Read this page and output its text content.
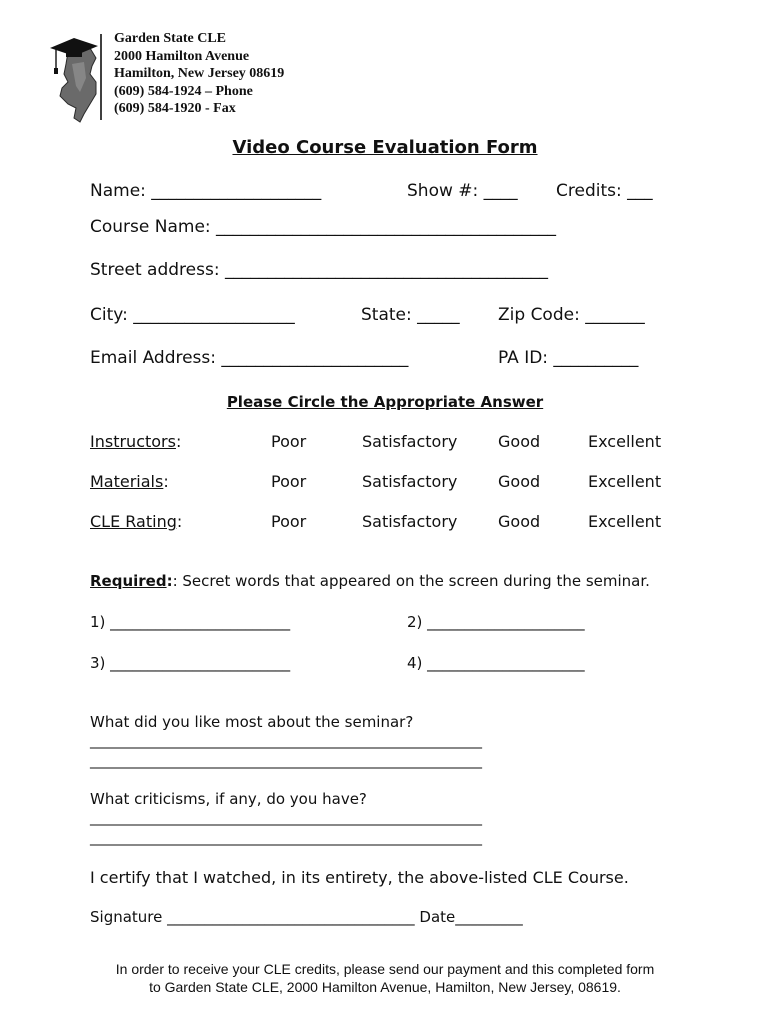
Garden State CLE
2000 Hamilton Avenue
Hamilton, New Jersey 08619
(609) 584-1924 – Phone
(609) 584-1920 - Fax
Video Course Evaluation Form
Name: ____________________	Show #: ____ Credits: ___
Course Name: ________________________________________
Street address: ______________________________________
City: ___________________	State: _____ Zip Code: _______
Email Address: ______________________	PA ID: __________
Please Circle the Appropriate Answer
Instructors:	Poor	Satisfactory	Good	Excellent
Materials:	Poor	Satisfactory	Good	Excellent
CLE Rating:	Poor	Satisfactory	Good	Excellent
Required:: Secret words that appeared on the screen during the seminar.
1) ________________________	2) _____________________
3) ________________________	4) _____________________
What did you like most about the seminar?
________________________________________________________
________________________________________________________
What criticisms, if any, do you have?
________________________________________________________
________________________________________________________
I certify that I watched, in its entirety, the above-listed CLE Course.
Signature _________________________________ Date_________
In order to receive your CLE credits, please send our payment and this completed form
to Garden State CLE, 2000 Hamilton Avenue, Hamilton, New Jersey, 08619.
